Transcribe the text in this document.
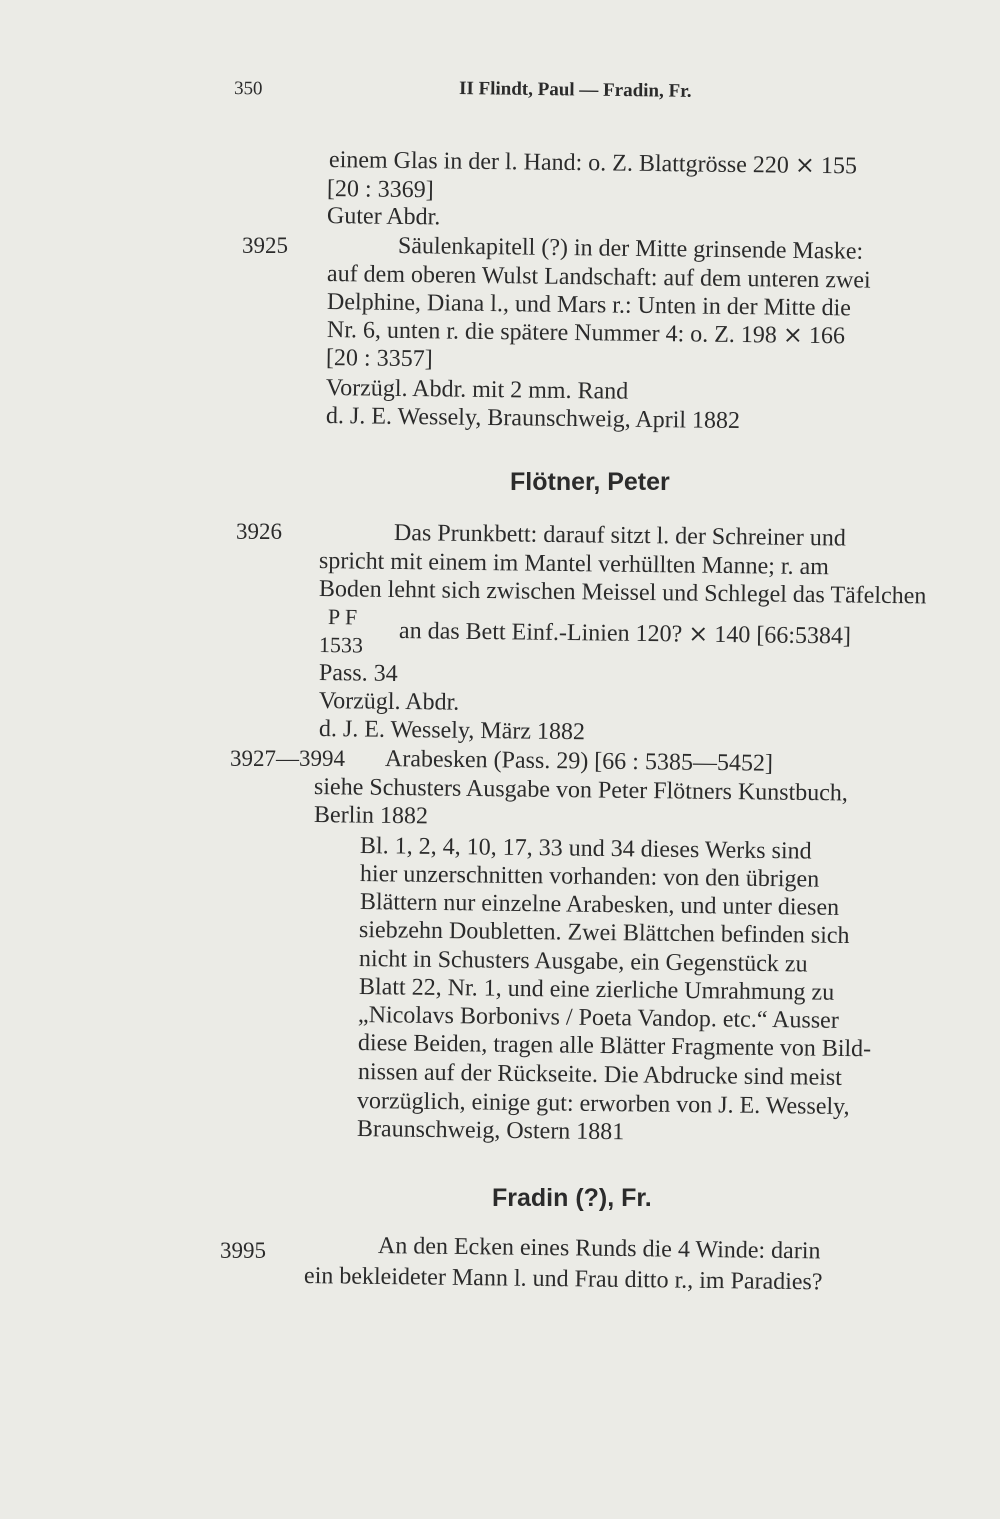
350	II Flindt, Paul — Fradin, Fr.
einem Glas in der l. Hand: o. Z. Blattgrösse 220 ⨯ 155
[20 : 3369]
Guter Abdr.
3925	Säulenkapitell (?) in der Mitte grinsende Maske:
auf dem oberen Wulst Landschaft: auf dem unteren zwei
Delphine, Diana l., und Mars r.: Unten in der Mitte die
Nr. 6, unten r. die spätere Nummer 4: o. Z. 198 ⨯ 166
[20 : 3357]
Vorzügl. Abdr. mit 2 mm. Rand
d. J. E. Wessely, Braunschweig, April 1882
Flötner, Peter
3926	Das Prunkbett: darauf sitzt l. der Schreiner und
spricht mit einem im Mantel verhüllten Manne; r. am
Boden lehnt sich zwischen Meissel und Schlegel das Täfelchen
P F
1533 an das Bett Einf.-Linien 120? ⨯ 140 [66:5384]
Pass. 34
Vorzügl. Abdr.
d. J. E. Wessely, März 1882
3927—3994 Arabesken (Pass. 29) [66 : 5385—5452]
siehe Schusters Ausgabe von Peter Flötners Kunstbuch,
Berlin 1882
Bl. 1, 2, 4, 10, 17, 33 und 34 dieses Werks sind
hier unzerschnitten vorhanden: von den übrigen
Blättern nur einzelne Arabesken, und unter diesen
siebzehn Doubletten. Zwei Blättchen befinden sich
nicht in Schusters Ausgabe, ein Gegenstück zu
Blatt 22, Nr. 1, und eine zierliche Umrahmung zu
„Nicolavs Borbonivs / Poeta Vandop. etc.“ Ausser
diese Beiden, tragen alle Blätter Fragmente von Bild-
nissen auf der Rückseite. Die Abdrucke sind meist
vorzüglich, einige gut: erworben von J. E. Wessely,
Braunschweig, Ostern 1881
Fradin (?), Fr.
3995	An den Ecken eines Runds die 4 Winde: darin
ein bekleideter Mann l. und Frau ditto r., im Paradies?
